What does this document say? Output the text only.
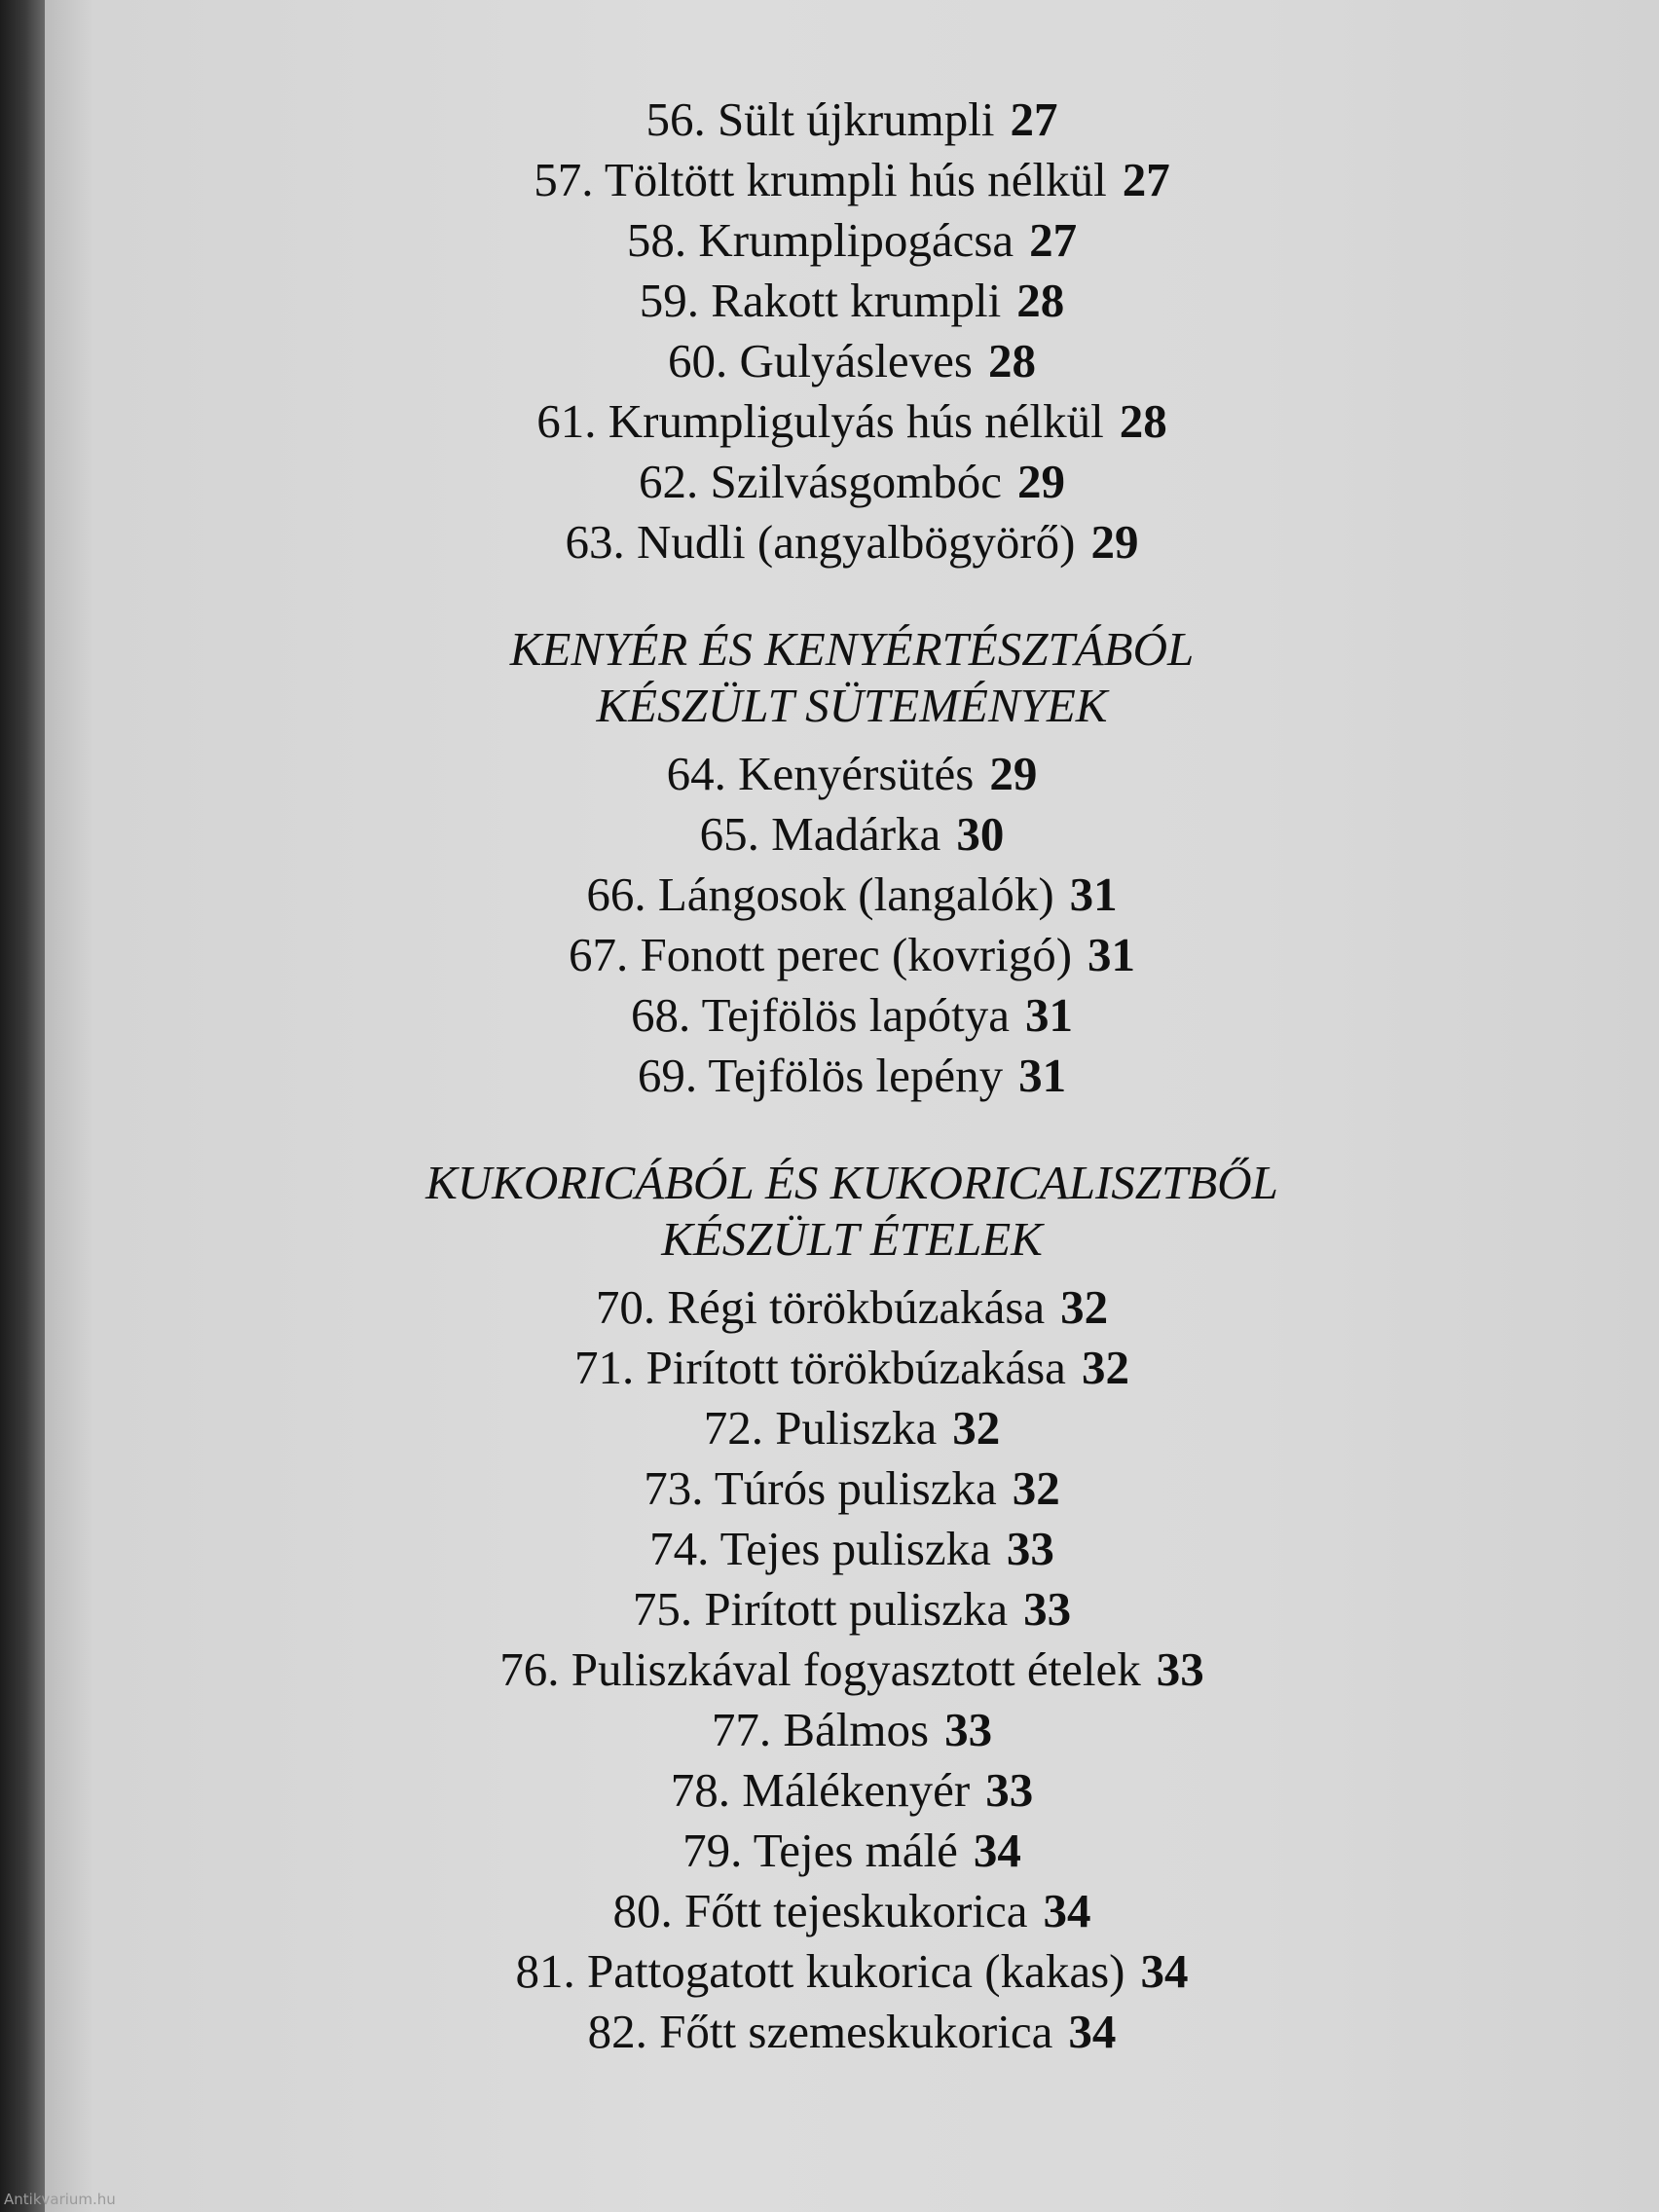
56. Sült újkrumpli 27
57. Töltött krumpli hús nélkül 27
58. Krumplipogácsa 27
59. Rakott krumpli 28
60. Gulyásleves 28
61. Krumpligulyás hús nélkül 28
62. Szilvásgombóc 29
63. Nudli (angyalbögyörő) 29
KENYÉR ÉS KENYÉRTÉSZTÁBÓL
KÉSZÜLT SÜTEMÉNYEK
64. Kenyérsütés 29
65. Madárka 30
66. Lángosok (langalók) 31
67. Fonott perec (kovrigó) 31
68. Tejfölös lapótya 31
69. Tejfölös lepény 31
KUKORICÁBÓL ÉS KUKORICALISZTBŐL
KÉSZÜLT ÉTELEK
70. Régi törökbúzakása 32
71. Pirított törökbúzakása 32
72. Puliszka 32
73. Túrós puliszka 32
74. Tejes puliszka 33
75. Pirított puliszka 33
76. Puliszkával fogyasztott ételek 33
77. Bálmos 33
78. Málékenyér 33
79. Tejes málé 34
80. Főtt tejeskukorica 34
81. Pattogatott kukorica (kakas) 34
82. Főtt szemeskukorica 34
Antikvarium.hu
